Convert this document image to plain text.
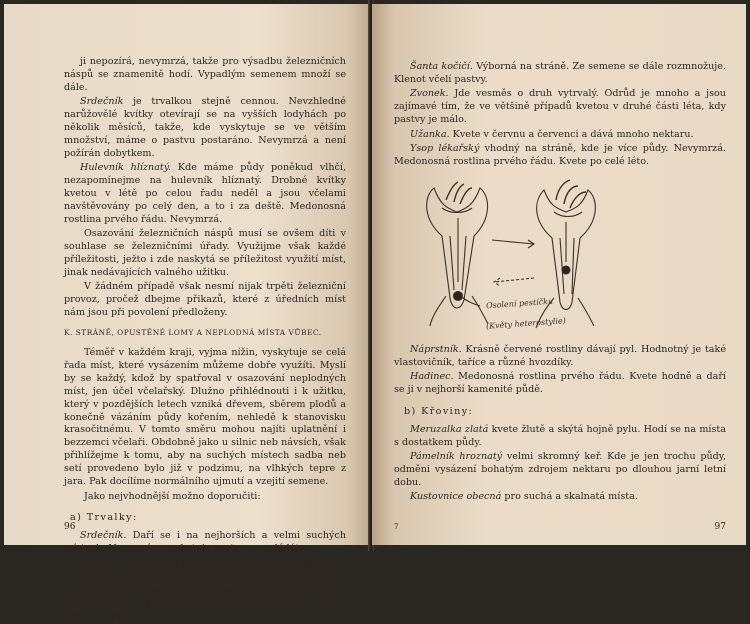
ji nepozírá, nevymrzá, takže pro výsadbu železničních náspů se znamenitě hodí. Vypadlým semenem množí se dále.

Srdečník je trvalkou stejně cennou. Nevzhledné narůžovělé kvítky otevírají se na vyšších lodyhách po několik měsíců, takže, kde vyskytuje se ve větším množství, máme o pastvu postaráno. Nevymrzá a není požírán dobytkem.

Hulevník hlíznatý. Kde máme půdy poněkud vlhčí, nezapomínejme na hulevník hlíznatý. Drobné kvítky kvetou v létě po celou řadu neděl a jsou včelami navštěvovány po celý den, a to i za deště. Medonosná rostlina prvého řádu. Nevymrzá.

Osazování železničních náspů musí se ovšem díti v souhlase se železničními úřady. Využijme však každé příležitosti, ježto i zde naskytá se příležitost využití míst, jinak nedávajících valného užitku.

V žádném případě však nesmí nijak trpěti železniční provoz, pročež dbejme přikazů, které z úředních míst nám jsou při povolení předloženy.

K. STRÁNĚ, OPUSTĚNÉ LOMY A NEPLODNÁ MÍSTA VŮBEC.

Téměř v každém kraji, vyjma nížin, vyskytuje se celá řada míst, které vysázením můžeme dobře využíti. Myslí by se každý, kdož by spatřoval v osazování neplodných míst, jen účel včelařský. Dlužno přihlédnouti i k užitku, který v pozdějších letech vzniká dřevem, sběrem plodů a konečně vázáním půdy kořením, nehledě k stanovisku krasočitnému. V tomto směru mohou najíti uplatnění i bezzemci včelaři. Obdobně jako u silnic neb návsích, však přihlížejme k tomu, aby na suchých místech sadba neb setí provedeno bylo již v podzimu, na vlhkých tepre z jara. Pak docílíme normálního ujmutí a vzejití semene.

Jako nejvhodnější možno doporučiti:

a) Trvalky:

Srdečník. Daří se i na nejhorších a velmi suchých místech. Nezmrzá a poskytuje pastvu po celé léto.

Třezalka. Daří se na suchých místech. Květy jsou žluté a kvete v červenci a srpnu.

Rozchodník. Hodí se i mezi skaliny. Snáší velké sucho. Květ je žlutý a poskytuje od května do července hojně nektaru i pylu.

96

Šanta kočičí. Výborná na stráně. Ze semene se dále rozmnožuje. Klenot včelí pastvy.

Zvonek. Jde vesměs o druh vytrvalý. Odrůd je mnoho a jsou zajímavé tím, že ve většině případů kvetou v druhé části léta, kdy pastvy je málo.

Užanka. Kvete v červnu a červenci a dává mnoho nektaru.

Ysop lékařský vhodný na stráně, kde je více půdy. Nevymrzá. Medonosná rostlina prvého řádu. Kvete po celé léto.

Osolení pestíčku
(Květy heterostylie)

Náprstník. Krásně červené rostliny dávají pyl. Hodnotný je také vlastovičník, taříce a různé hvozdíky.

Hadinec. Medonosná rostlina prvého řádu. Kvete hodně a daří se ji v nejhorší kamenité půdě.

b) Křoviny:

Meruzalka zlatá kvete žlutě a skýtá hojně pylu. Hodí se na místa s dostatkem půdy.

Pámelník hroznatý velmi skromný keř. Kde je jen trochu půdy, odměni vysázení bohatým zdrojem nektaru po dlouhou jarní letní dobu.

Kustovnice obecná pro suchá a skalnatá místa.

97
7
